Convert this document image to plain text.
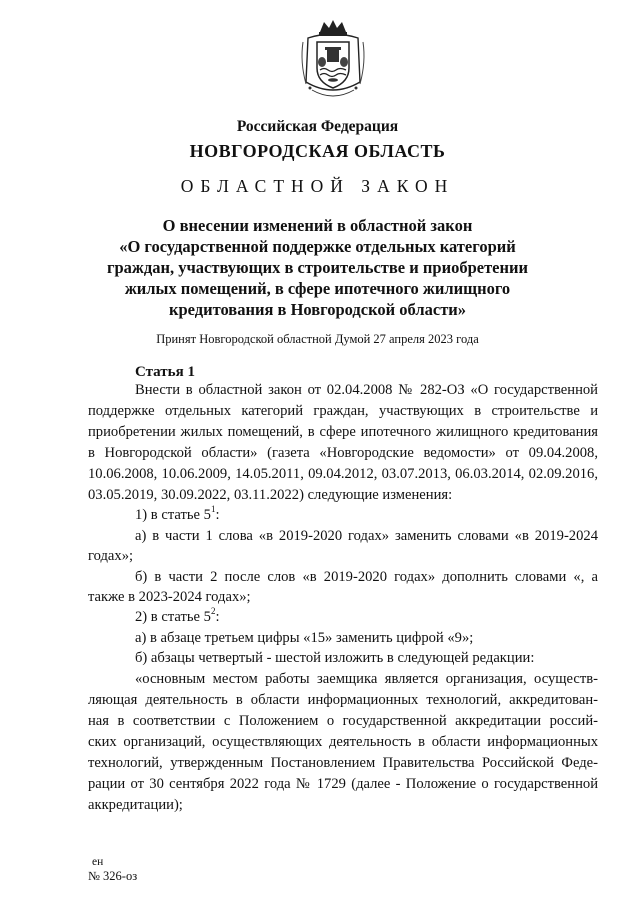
Российская Федерация
НОВГОРОДСКАЯ ОБЛАСТЬ
ОБЛАСТНОЙ ЗАКОН
О внесении изменений в областной закон
«О государственной поддержке отдельных категорий
граждан, участвующих в строительстве и приобретении
жилых помещений, в сфере ипотечного жилищного
кредитования в Новгородской области»
Принят Новгородской областной Думой 27 апреля 2023 года
Статья 1
Внести в областной закон от 02.04.2008 № 282-ОЗ «О государственной
поддержке отдельных категорий граждан, участвующих в строительстве и
приобретении жилых помещений, в сфере ипотечного жилищного кредитования
в Новгородской области» (газета «Новгородские ведомости» от 09.04.2008,
10.06.2008, 10.06.2009, 14.05.2011, 09.04.2012, 03.07.2013, 06.03.2014, 02.09.2016,
03.05.2019, 30.09.2022, 03.11.2022) следующие изменения:
1) в статье $5^1$:
а) в части 1 слова «в 2019-2020 годах» заменить словами «в 2019-2024
годах»;
б) в части 2 после слов «в 2019-2020 годах» дополнить словами «, а
также в 2023-2024 годах»;
2) в статье $5^2$:
а) в абзаце третьем цифры «15» заменить цифрой «9»;
б) абзацы четвертый - шестой изложить в следующей редакции:
«основным местом работы заемщика является организация, осуществ-
ляющая деятельность в области информационных технологий, аккредитован-
ная в соответствии с Положением о государственной аккредитации россий-
ских организаций, осуществляющих деятельность в области информационных
технологий, утвержденным Постановлением Правительства Российской Феде-
рации от 30 сентября 2022 года № 1729 (далее - Положение о государственной
аккредитации);
ен
№ 326-оз
